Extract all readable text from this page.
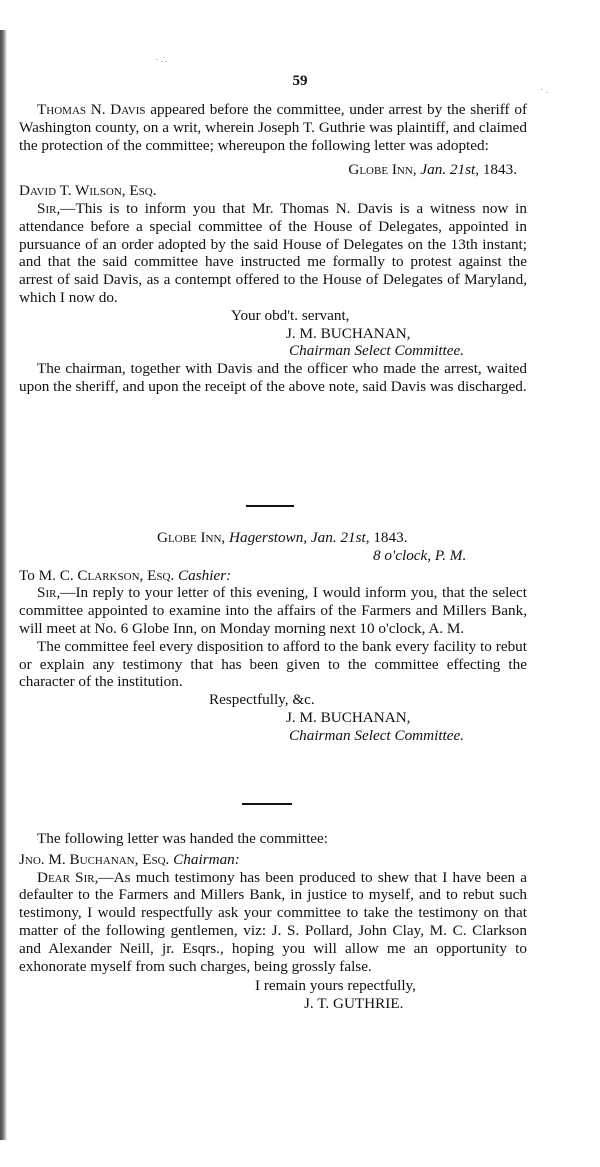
· ∴
· .
59

Thomas N. Davis appeared before the committee, under arrest by the sheriff of Washington county, on a writ, wherein Joseph T. Guthrie was plaintiff, and claimed the protection of the committee; whereupon the following letter was adopted:

Globe Inn, Jan. 21st, 1843.
David T. Wilson, Esq.

Sir,—This is to inform you that Mr. Thomas N. Davis is a witness now in attendance before a special committee of the House of Delegates, appointed in pursuance of an order adopted by the said House of Delegates on the 13th instant; and that the said committee have instructed me formally to protest against the arrest of said Davis, as a contempt offered to the House of Delegates of Maryland, which I now do.

Your obd't. servant,
J. M. BUCHANAN,
Chairman Select Committee.

The chairman, together with Davis and the officer who made the arrest, waited upon the sheriff, and upon the receipt of the above note, said Davis was discharged.

Globe Inn, Hagerstown, Jan. 21st, 1843.
8 o'clock, P. M.
To M. C. Clarkson, Esq. Cashier:

Sir,—In reply to your letter of this evening, I would inform you, that the select committee appointed to examine into the affairs of the Farmers and Millers Bank, will meet at No. 6 Globe Inn, on Monday morning next 10 o'clock, A. M.

The committee feel every disposition to afford to the bank every facility to rebut or explain any testimony that has been given to the committee effecting the character of the institution.

Respectfully, &c.
J. M. BUCHANAN,
Chairman Select Committee.

The following letter was handed the committee:

Jno. M. Buchanan, Esq. Chairman:

Dear Sir,—As much testimony has been produced to shew that I have been a defaulter to the Farmers and Millers Bank, in justice to myself, and to rebut such testimony, I would respectfully ask your committee to take the testimony on that matter of the following gentlemen, viz: J. S. Pollard, John Clay, M. C. Clarkson and Alexander Neill, jr. Esqrs., hoping you will allow me an opportunity to exhonorate myself from such charges, being grossly false.

I remain yours repectfully,
J. T. GUTHRIE.
